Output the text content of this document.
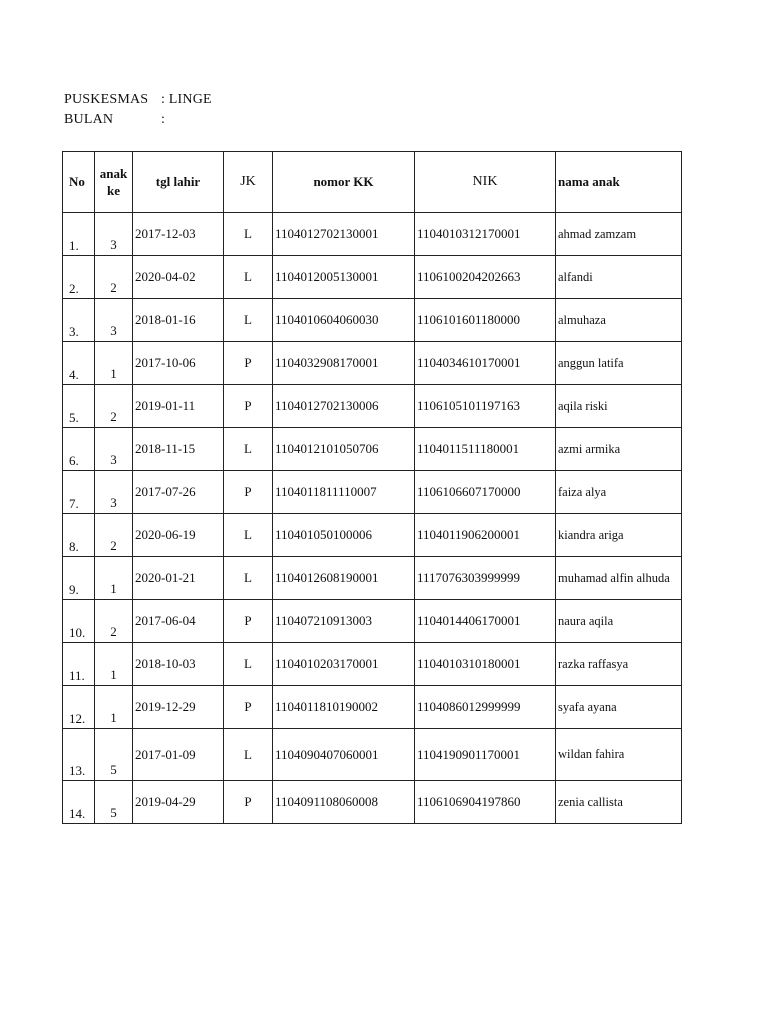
PUSKESMAS : LINGE
BULAN	:
No	anak ke	tgl lahir	JK	nomor KK	NIK	nama anak
1.	3	2017-12-03	L	1104012702130001	1104010312170001	ahmad zamzam
2.	2	2020-04-02	L	1104012005130001	1106100204202663	alfandi
3.	3	2018-01-16	L	1104010604060030	1106101601180000	almuhaza
4.	1	2017-10-06	P	1104032908170001	1104034610170001	anggun latifa
5.	2	2019-01-11	P	1104012702130006	1106105101197163	aqila riski
6.	3	2018-11-15	L	1104012101050706	1104011511180001	azmi armika
7.	3	2017-07-26	P	1104011811110007	1106106607170000	faiza alya
8.	2	2020-06-19	L	110401050100006	1104011906200001	kiandra ariga
9.	1	2020-01-21	L	1104012608190001	1117076303999999	muhamad alfin alhuda
10.	2	2017-06-04	P	110407210913003	1104014406170001	naura aqila
11.	1	2018-10-03	L	1104010203170001	1104010310180001	razka raffasya
12.	1	2019-12-29	P	1104011810190002	1104086012999999	syafa ayana
13.	5	2017-01-09	L	1104090407060001	1104190901170001	wildan fahira
14.	5	2019-04-29	P	1104091108060008	1106106904197860	zenia callista
